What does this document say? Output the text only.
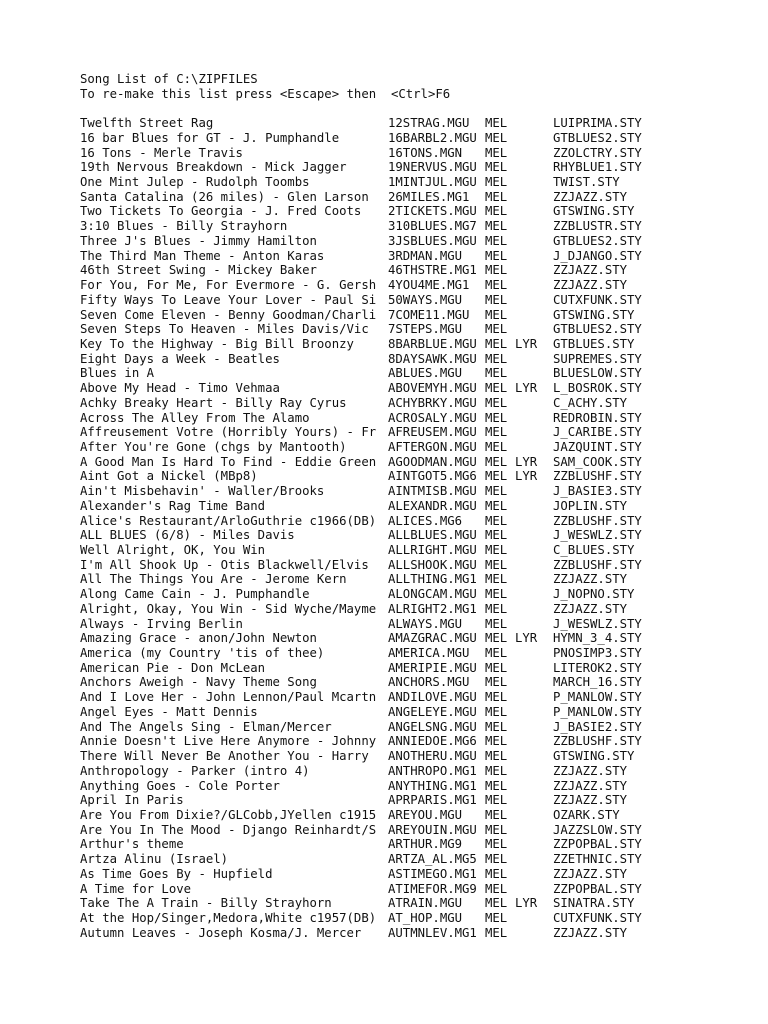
Song List of C:\ZIPFILES
To re-make this list press <Escape> then  <Ctrl>F6
Twelfth Street Rag	12STRAG.MGU	MEL	LUIPRIMA.STY
16 bar Blues for GT - J. Pumphandle	16BARBL2.MGU MEL	GTBLUES2.STY
16 Tons - Merle Travis	16TONS.MGN	MEL	ZZOLCTRY.STY
19th Nervous Breakdown - Mick Jagger	19NERVUS.MGU MEL	RHYBLUE1.STY
One Mint Julep - Rudolph Toombs	1MINTJUL.MGU MEL	TWIST.STY
Santa Catalina (26 miles) - Glen Larson	26MILES.MG1	MEL	ZZJAZZ.STY
Two Tickets To Georgia - J. Fred Coots	2TICKETS.MGU MEL	GTSWING.STY
3:10 Blues - Billy Strayhorn	310BLUES.MG7 MEL	ZZBLUSTR.STY
Three J's Blues - Jimmy Hamilton	3JSBLUES.MGU MEL	GTBLUES2.STY
The Third Man Theme - Anton Karas	3RDMAN.MGU	MEL	J_DJANGO.STY
46th Street Swing - Mickey Baker	46THSTRE.MG1 MEL	ZZJAZZ.STY
For You, For Me, For Evermore - G. Gersh 4YOU4ME.MG1	MEL	ZZJAZZ.STY
Fifty Ways To Leave Your Lover - Paul Si 50WAYS.MGU	MEL	CUTXFUNK.STY
Seven Come Eleven - Benny Goodman/Charli 7COME11.MGU	MEL	GTSWING.STY
Seven Steps To Heaven - Miles Davis/Vic	7STEPS.MGU	MEL	GTBLUES2.STY
Key To the Highway - Big Bill Broonzy	8BARBLUE.MGU MEL LYR	GTBLUES.STY
Eight Days a Week - Beatles	8DAYSAWK.MGU MEL	SUPREMES.STY
Blues in A	ABLUES.MGU	MEL	BLUESLOW.STY
Above My Head - Timo Vehmaa	ABOVEMYH.MGU MEL LYR	L_BOSROK.STY
Achky Breaky Heart - Billy Ray Cyrus	ACHYBRKY.MGU MEL	C_ACHY.STY
Across The Alley From The Alamo	ACROSALY.MGU MEL	REDROBIN.STY
Affreusement Votre (Horribly Yours) - Fr AFREUSEM.MGU MEL	J_CARIBE.STY
After You're Gone (chgs by Mantooth)	AFTERGON.MGU MEL	JAZQUINT.STY
A Good Man Is Hard To Find - Eddie Green AGOODMAN.MGU MEL LYR	SAM_COOK.STY
Aint Got a Nickel (MBp8)	AINTGOT5.MG6 MEL LYR	ZZBLUSHF.STY
Ain't Misbehavin' - Waller/Brooks	AINTMISB.MGU MEL	J_BASIE3.STY
Alexander's Rag Time Band	ALEXANDR.MGU MEL	JOPLIN.STY
Alice's Restaurant/ArloGuthrie c1966(DB) ALICES.MG6	MEL	ZZBLUSHF.STY
ALL BLUES (6/8) - Miles Davis	ALLBLUES.MGU MEL	J_WESWLZ.STY
Well Alright, OK, You Win	ALLRIGHT.MGU MEL	C_BLUES.STY
I'm All Shook Up - Otis Blackwell/Elvis	ALLSHOOK.MGU MEL	ZZBLUSHF.STY
All The Things You Are - Jerome Kern	ALLTHING.MG1 MEL	ZZJAZZ.STY
Along Came Cain - J. Pumphandle	ALONGCAM.MGU MEL	J_NOPNO.STY
Alright, Okay, You Win - Sid Wyche/Mayme ALRIGHT2.MG1 MEL	ZZJAZZ.STY
Always - Irving Berlin	ALWAYS.MGU	MEL	J_WESWLZ.STY
Amazing Grace - anon/John Newton	AMAZGRAC.MGU MEL LYR	HYMN_3_4.STY
America (my Country 'tis of thee)	AMERICA.MGU	MEL	PNOSIMP3.STY
American Pie - Don McLean	AMERIPIE.MGU MEL	LITEROK2.STY
Anchors Aweigh - Navy Theme Song	ANCHORS.MGU	MEL	MARCH_16.STY
And I Love Her - John Lennon/Paul Mcartn ANDILOVE.MGU MEL	P_MANLOW.STY
Angel Eyes - Matt Dennis	ANGELEYE.MGU MEL	P_MANLOW.STY
And The Angels Sing - Elman/Mercer	ANGELSNG.MGU MEL	J_BASIE2.STY
Annie Doesn't Live Here Anymore - Johnny ANNIEDOE.MG6 MEL	ZZBLUSHF.STY
There Will Never Be Another You - Harry	ANOTHERU.MGU MEL	GTSWING.STY
Anthropology - Parker (intro 4)	ANTHROPO.MG1 MEL	ZZJAZZ.STY
Anything Goes - Cole Porter	ANYTHING.MG1 MEL	ZZJAZZ.STY
April In Paris	APRPARIS.MG1 MEL	ZZJAZZ.STY
Are You From Dixie?/GLCobb,JYellen c1915 AREYOU.MGU	MEL	OZARK.STY
Are You In The Mood - Django Reinhardt/S AREYOUIN.MGU MEL	JAZZSLOW.STY
Arthur's theme	ARTHUR.MG9	MEL	ZZPOPBAL.STY
Artza Alinu (Israel)	ARTZA_AL.MG5 MEL	ZZETHNIC.STY
As Time Goes By - Hupfield	ASTIMEGO.MG1 MEL	ZZJAZZ.STY
A Time for Love	ATIMEFOR.MG9 MEL	ZZPOPBAL.STY
Take The A Train - Billy Strayhorn	ATRAIN.MGU	MEL LYR	SINATRA.STY
At the Hop/Singer,Medora,White c1957(DB) AT_HOP.MGU	MEL	CUTXFUNK.STY
Autumn Leaves - Joseph Kosma/J. Mercer	AUTMNLEV.MG1 MEL	ZZJAZZ.STY
